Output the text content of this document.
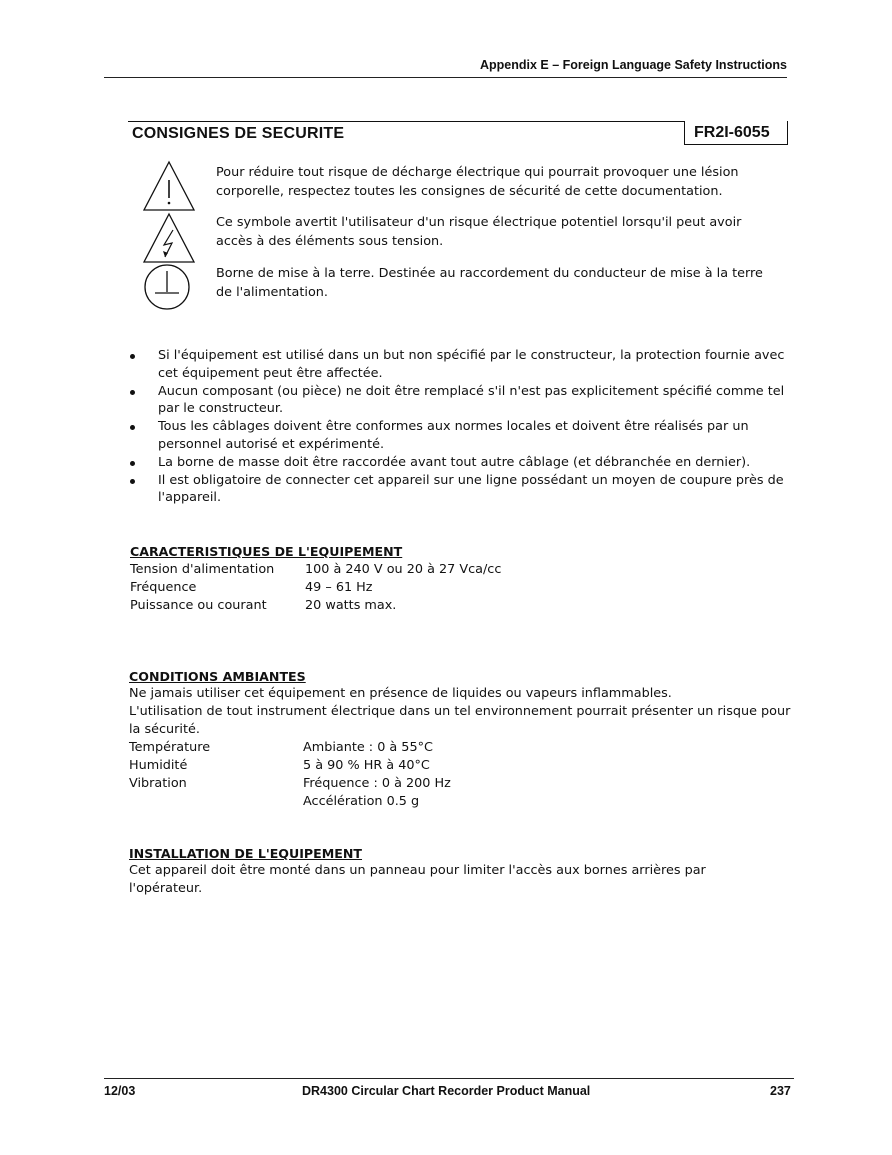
Appendix E – Foreign Language Safety Instructions
CONSIGNES DE SECURITE	FR2I-6055
Pour réduire tout risque de décharge électrique qui pourrait provoquer une lésion corporelle, respectez toutes les consignes de sécurité de cette documentation.
Ce symbole avertit l'utilisateur d'un risque électrique potentiel lorsqu'il peut avoir accès à des éléments sous tension.
Borne de mise à la terre. Destinée au raccordement du conducteur de mise à la terre de l'alimentation.
Si l'équipement est utilisé dans un but non spécifié par le constructeur, la protection fournie avec cet équipement peut être affectée.
Aucun composant (ou pièce) ne doit être remplacé s'il n'est pas explicitement spécifié comme tel par le constructeur.
Tous les câblages doivent être conformes aux normes locales et doivent être réalisés par un personnel autorisé et expérimenté.
La borne de masse doit être raccordée avant tout autre câblage (et débranchée en dernier).
Il est obligatoire de connecter cet appareil sur une ligne possédant un moyen de coupure près de l'appareil.
CARACTERISTIQUES DE L'EQUIPEMENT
Tension d'alimentation 100 à 240 V ou 20 à 27 Vca/cc
Fréquence	49 – 61 Hz
Puissance ou courant	20 watts max.
CONDITIONS AMBIANTES
Ne jamais utiliser cet équipement en présence de liquides ou vapeurs inflammables.
L'utilisation de tout instrument électrique dans un tel environnement pourrait présenter un risque pour la sécurité.
Température	Ambiante : 0 à 55°C
Humidité	5 à 90 % HR à 40°C
Vibration	Fréquence : 0 à 200 Hz
Accélération 0.5 g
INSTALLATION DE L'EQUIPEMENT
Cet appareil doit être monté dans un panneau pour limiter l'accès aux bornes arrières par l'opérateur.
12/03	DR4300 Circular Chart Recorder Product Manual	237
